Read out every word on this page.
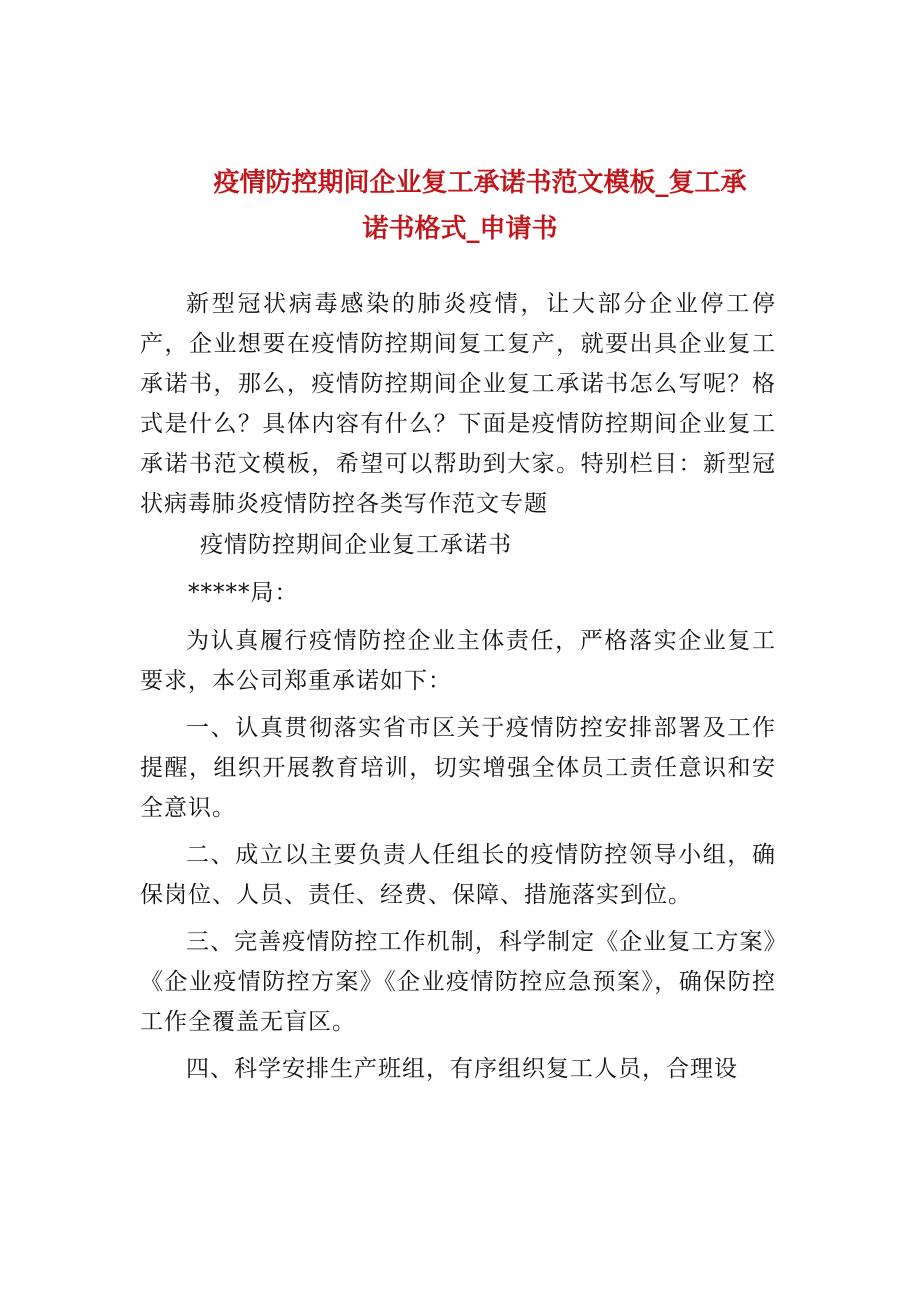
疫情防控期间企业复工承诺书范文模板_复工承
诺书格式_申请书

新型冠状病毒感染的肺炎疫情，让大部分企业停工停产，企业想要在疫情防控期间复工复产，就要出具企业复工承诺书，那么，疫情防控期间企业复工承诺书怎么写呢？格式是什么？具体内容有什么？下面是疫情防控期间企业复工承诺书范文模板，希望可以帮助到大家。特别栏目：新型冠状病毒肺炎疫情防控各类写作范文专题

疫情防控期间企业复工承诺书

*****局：

为认真履行疫情防控企业主体责任，严格落实企业复工要求，本公司郑重承诺如下：

一、认真贯彻落实省市区关于疫情防控安排部署及工作提醒，组织开展教育培训，切实增强全体员工责任意识和安全意识。

二、成立以主要负责人任组长的疫情防控领导小组，确保岗位、人员、责任、经费、保障、措施落实到位。

三、完善疫情防控工作机制，科学制定《企业复工方案》《企业疫情防控方案》《企业疫情防控应急预案》，确保防控工作全覆盖无盲区。

四、科学安排生产班组，有序组织复工人员，合理设
